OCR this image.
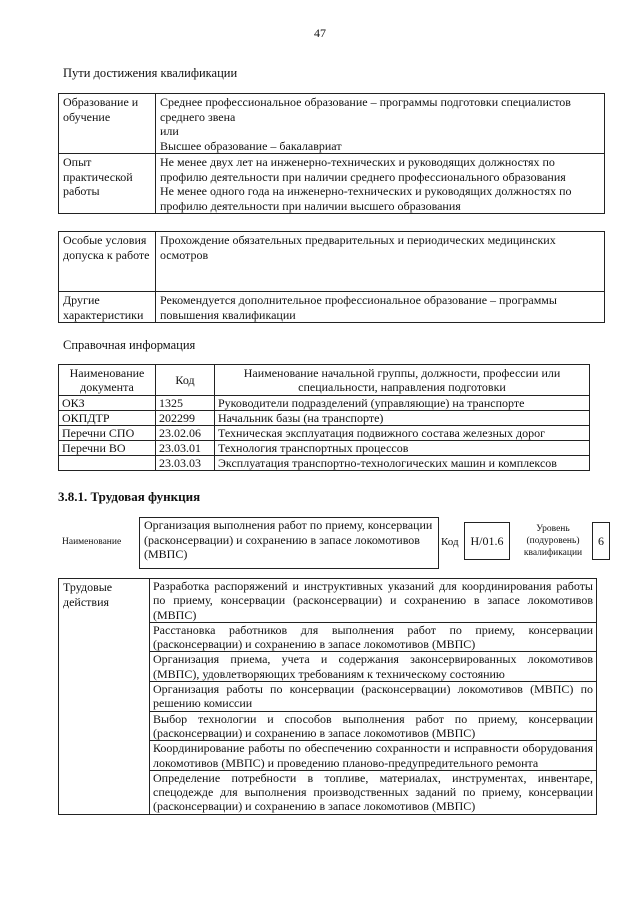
47
Пути достижения квалификации
Образование и обучение	Среднее профессиональное образование – программы подготовки специалистов среднего звена
или
Высшее образование – бакалавриат

Опыт практической работы	Не менее двух лет на инженерно-технических и руководящих должностях по профилю деятельности при наличии среднего профессионального образования
Не менее одного года на инженерно-технических и руководящих должностях по профилю деятельности при наличии высшего образования
Особые условия допуска к работе	Прохождение обязательных предварительных и периодических медицинских осмотров
Другие характеристики	Рекомендуется дополнительное профессиональное образование – программы повышения квалификации
Справочная информация
Наименование документа	Код	Наименование начальной группы, должности, профессии или специальности, направления подготовки
ОКЗ	1325	Руководители подразделений (управляющие) на транспорте
ОКПДТР	202299	Начальник базы (на транспорте)
Перечни СПО	23.02.06	Техническая эксплуатация подвижного состава железных дорог
Перечни ВО	23.03.01	Технология транспортных процессов
	23.03.03	Эксплуатация транспортно-технологических машин и комплексов
3.8.1. Трудовая функция
Наименование
Организация выполнения работ по приему, консервации (расконсервации) и сохранению в запасе локомотивов (МВПС)
Код Н/01.6
Уровень (подуровень) квалификации
6
Трудовые действия	Разработка распоряжений и инструктивных указаний для координирования работы по приему, консервации (расконсервации) и сохранению в запасе локомотивов (МВПС)
Расстановка работников для выполнения работ по приему, консервации (расконсервации) и сохранению в запасе локомотивов (МВПС)
Организация приема, учета и содержания законсервированных локомотивов (МВПС), удовлетворяющих требованиям к техническому состоянию
Организация работы по консервации (расконсервации) локомотивов (МВПС) по решению комиссии
Выбор технологии и способов выполнения работ по приему, консервации (расконсервации) и сохранению в запасе локомотивов (МВПС)
Координирование работы по обеспечению сохранности и исправности оборудования локомотивов (МВПС) и проведению планово-предупредительного ремонта
Определение потребности в топливе, материалах, инструментах, инвентаре, спецодежде для выполнения производственных заданий по приему, консервации (расконсервации) и сохранению в запасе локомотивов (МВПС)
